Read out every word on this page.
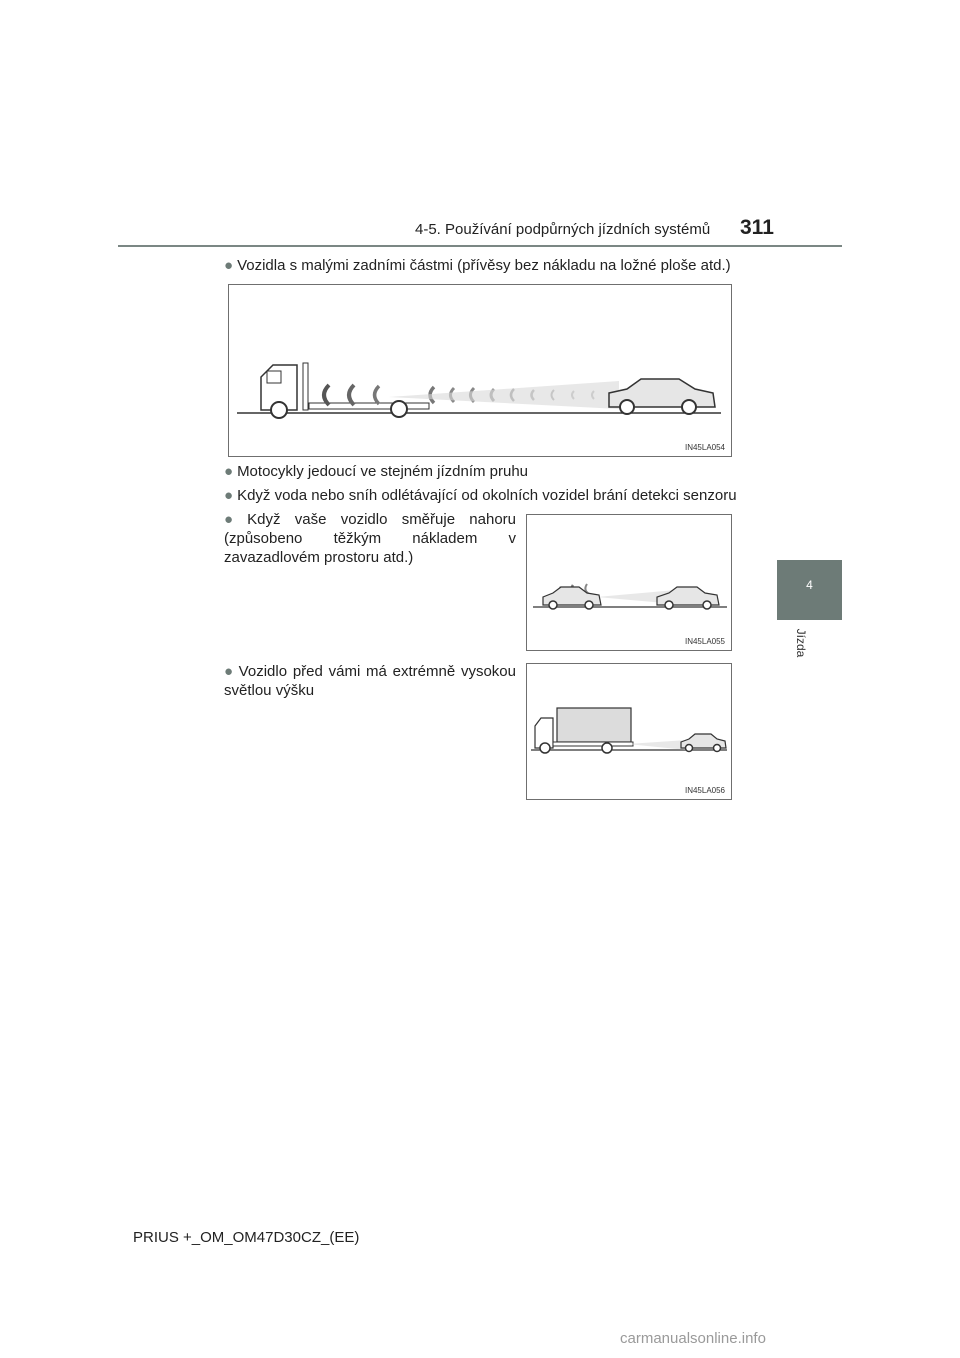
4-5. Používání podpůrných jízdních systémů 311
4
Jízda
● Vozidla s malými zadními částmi (přívěsy bez nákladu na ložné ploše atd.)
IN45LA054
● Motocykly jedoucí ve stejném jízdním pruhu
● Když voda nebo sníh odlétávající od okolních vozidel brání detekci senzoru
● Když vaše vozidlo směřuje nahoru (způsobeno těžkým nákladem v zavazadlovém prostoru atd.)
IN45LA055
● Vozidlo před vámi má extrémně vysokou světlou výšku
IN45LA056
PRIUS +_OM_OM47D30CZ_(EE)
carmanualsonline.info
